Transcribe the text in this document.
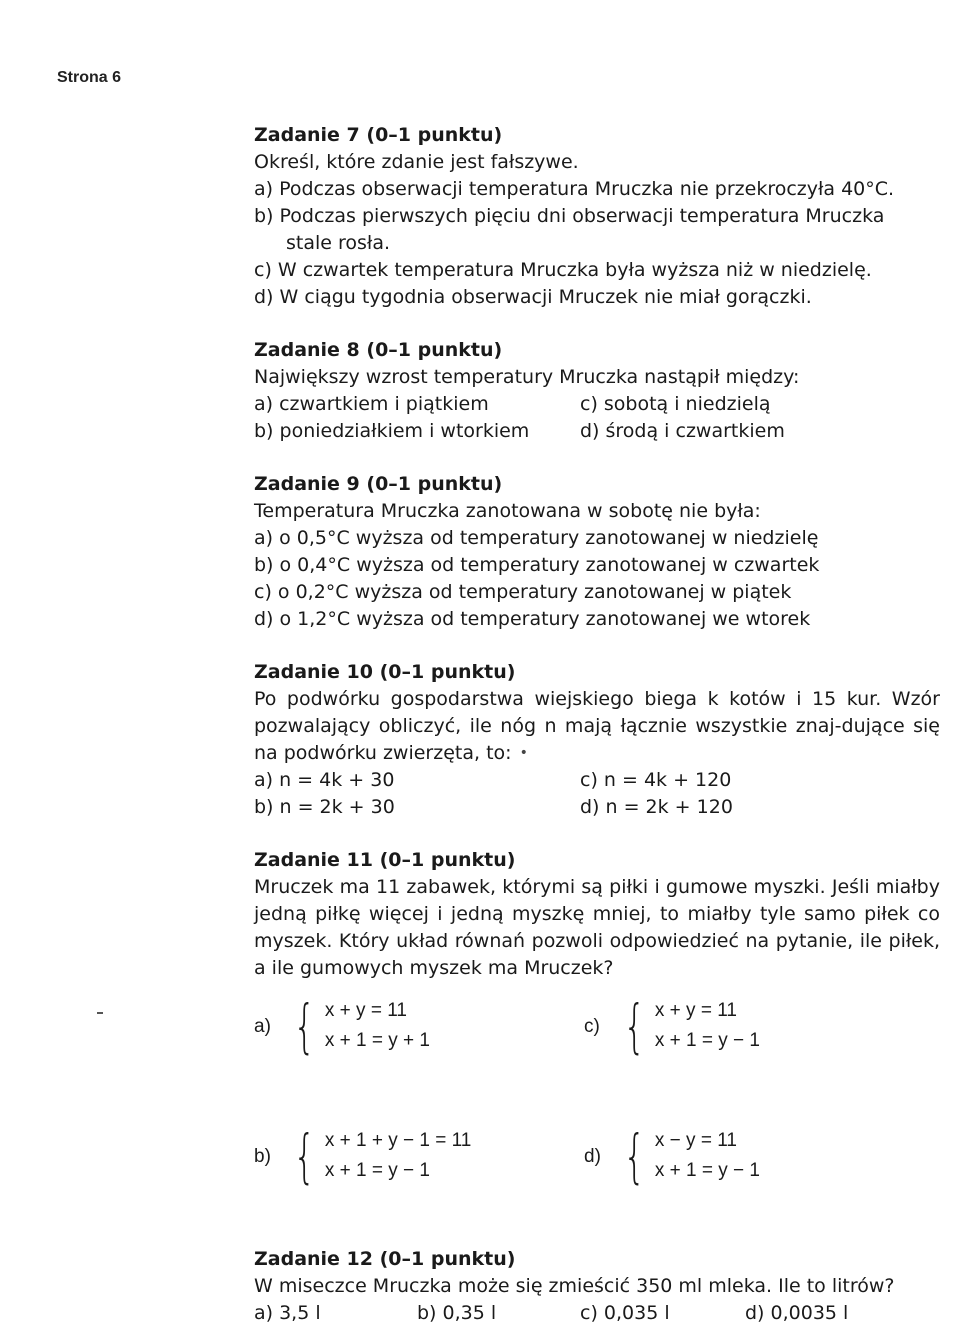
Strona 6
Zadanie 7 (0–1 punktu)
Określ, które zdanie jest fałszywe.
a) Podczas obserwacji temperatura Mruczka nie przekroczyła 40°C.
b) Podczas pierwszych pięciu dni obserwacji temperatura Mruczka
stale rosła.
c) W czwartek temperatura Mruczka była wyższa niż w niedzielę.
d) W ciągu tygodnia obserwacji Mruczek nie miał gorączki.
Zadanie 8 (0–1 punktu)
Największy wzrost temperatury Mruczka nastąpił między:
a) czwartkiem i piątkiem	c) sobotą i niedzielą
b) poniedziałkiem i wtorkiem	d) środą i czwartkiem
Zadanie 9 (0–1 punktu)
Temperatura Mruczka zanotowana w sobotę nie była:
a) o 0,5°C wyższa od temperatury zanotowanej w niedzielę
b) o 0,4°C wyższa od temperatury zanotowanej w czwartek
c) o 0,2°C wyższa od temperatury zanotowanej w piątek
d) o 1,2°C wyższa od temperatury zanotowanej we wtorek
Zadanie 10 (0–1 punktu)
Po podwórku gospodarstwa wiejskiego biega k kotów i 15 kur. Wzór pozwalający obliczyć, ile nóg n mają łącznie wszystkie znaj-dujące się na podwórku zwierzęta, to: •
a) n = 4k + 30	c) n = 4k + 120
b) n = 2k + 30	d) n = 2k + 120
Zadanie 11 (0–1 punktu)
Mruczek ma 11 zabawek, którymi są piłki i gumowe myszki. Jeśli miałby jedną piłkę więcej i jedną myszkę mniej, to miałby tyle samo piłek co myszek. Który układ równań pozwoli odpowiedzieć na pytanie, ile piłek, a ile gumowych myszek ma Mruczek?
a) { x + y = 11
x + 1 = y + 1
c) { x + y = 11
x + 1 = y − 1
b) { x + 1 + y − 1 = 11
x + 1 = y − 1
d) { x − y = 11
x + 1 = y − 1
Zadanie 12 (0–1 punktu)
W miseczce Mruczka może się zmieścić 350 ml mleka. Ile to litrów?
a) 3,5 l	b) 0,35 l	c) 0,035 l	d) 0,0035 l
